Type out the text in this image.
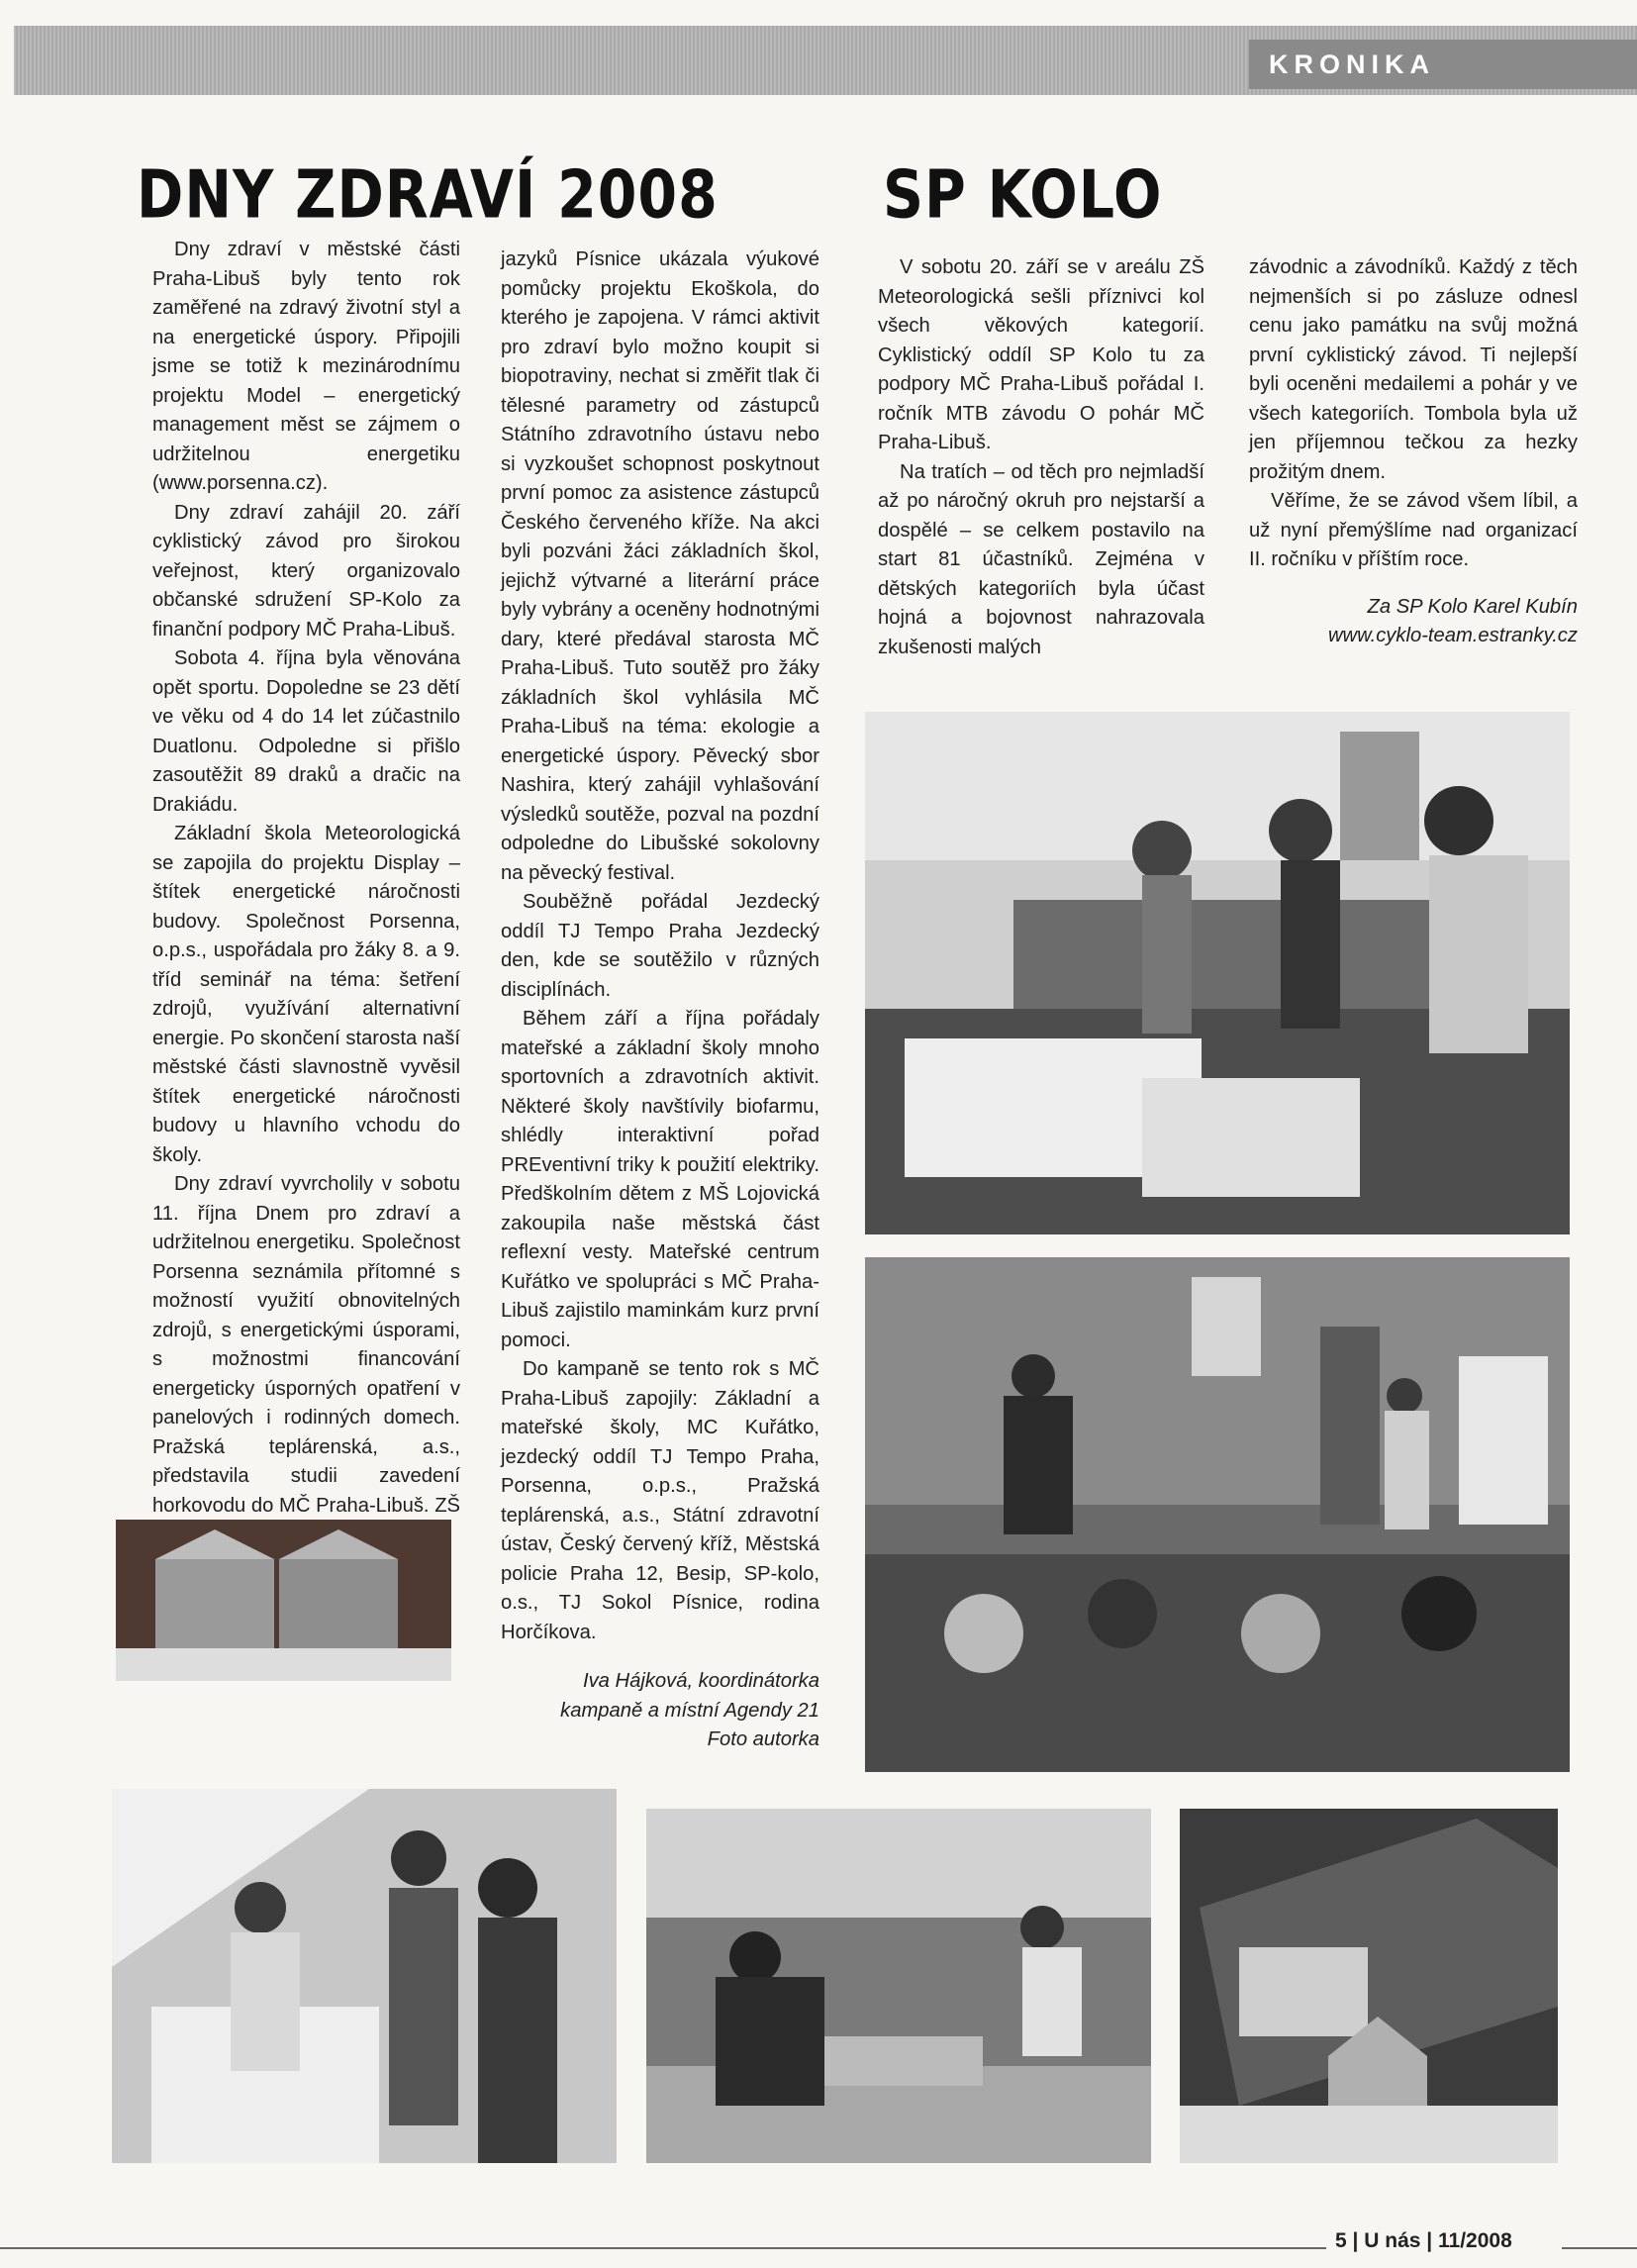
KRONIKA
DNY ZDRAVÍ 2008

Dny zdraví v městské části Praha-Libuš byly tento rok zaměřené na zdravý životní styl a na energetické úspory. Připojili jsme se totiž k mezinárodnímu projektu Model – energetický management měst se zájmem o udržitelnou energetiku (www.porsenna.cz).

Dny zdraví zahájil 20. září cyklistický závod pro širokou veřejnost, který organizovalo občanské sdružení SP-Kolo za finanční podpory MČ Praha-Libuš.

Sobota 4. října byla věnována opět sportu. Dopoledne se 23 dětí ve věku od 4 do 14 let zúčastnilo Duatlonu. Odpoledne si přišlo zasoutěžit 89 draků a dračic na Drakiádu.

Základní škola Meteorologická se zapojila do projektu Display – štítek energetické náročnosti budovy. Společnost Porsenna, o.p.s., uspořádala pro žáky 8. a 9. tříd seminář na téma: šetření zdrojů, využívání alternativní energie. Po skončení starosta naší městské části slavnostně vyvěsil štítek energetické náročnosti budovy u hlavního vchodu do školy.

Dny zdraví vyvrcholily v sobotu 11. října Dnem pro zdraví a udržitelnou energetiku. Společnost Porsenna seznámila přítomné s možností využití obnovitelných zdrojů, s energetickými úsporami, s možnostmi financování energeticky úsporných opatření v panelových i rodinných domech. Pražská teplárenská, a.s., představila studii zavedení horkovodu do MČ Praha-Libuš. ZŠ

jazyků Písnice ukázala výukové pomůcky projektu Ekoškola, do kterého je zapojena. V rámci aktivit pro zdraví bylo možno koupit si biopotraviny, nechat si změřit tlak či tělesné parametry od zástupců Státního zdravotního ústavu nebo si vyzkoušet schopnost poskytnout první pomoc za asistence zástupců Českého červeného kříže. Na akci byli pozváni žáci základních škol, jejichž výtvarné a literární práce byly vybrány a oceněny hodnotnými dary, které předával starosta MČ Praha-Libuš. Tuto soutěž pro žáky základních škol vyhlásila MČ Praha-Libuš na téma: ekologie a energetické úspory. Pěvecký sbor Nashira, který zahájil vyhlašování výsledků soutěže, pozval na pozdní odpoledne do Libušské sokolovny na pěvecký festival.

Souběžně pořádal Jezdecký oddíl TJ Tempo Praha Jezdecký den, kde se soutěžilo v různých disciplínách.

Během září a října pořádaly mateřské a základní školy mnoho sportovních a zdravotních aktivit. Některé školy navštívily biofarmu, shlédly interaktivní pořad PREventivní triky k použití elektriky. Předškolním dětem z MŠ Lojovická zakoupila naše městská část reflexní vesty. Mateřské centrum Kuřátko ve spolupráci s MČ Praha-Libuš zajistilo maminkám kurz první pomoci.

Do kampaně se tento rok s MČ Praha-Libuš zapojily: Základní a mateřské školy, MC Kuřátko, jezdecký oddíl TJ Tempo Praha, Porsenna, o.p.s., Pražská teplárenská, a.s., Státní zdravotní ústav, Český červený kříž, Městská policie Praha 12, Besip, SP-kolo, o.s., TJ Sokol Písnice, rodina Horčíkova.

Iva Hájková, koordinátorka

kampaně a místní Agendy 21

Foto autorka

SP KOLO

V sobotu 20. září se v areálu ZŠ Meteorologická sešli příznivci kol všech věkových kategorií. Cyklistický oddíl SP Kolo tu za podpory MČ Praha-Libuš pořádal I. ročník MTB závodu O pohár MČ Praha-Libuš.

Na tratích – od těch pro nejmladší až po náročný okruh pro nejstarší a dospělé – se celkem postavilo na start 81 účastníků. Zejména v dětských kategoriích byla účast hojná a bojovnost nahrazovala zkušenosti malých

závodnic a závodníků. Každý z těch nejmenších si po zásluze odnesl cenu jako památku na svůj možná první cyklistický závod. Ti nejlepší byli oceněni medailemi a pohár y ve všech kategoriích. Tombola byla už jen příjemnou tečkou za hezky prožitým dnem.

Věříme, že se závod všem líbil, a už nyní přemýšlíme nad organizací II. ročníku v příštím roce.

Za SP Kolo Karel Kubín

www.cyklo-team.estranky.cz

5 | U nás | 11/2008
